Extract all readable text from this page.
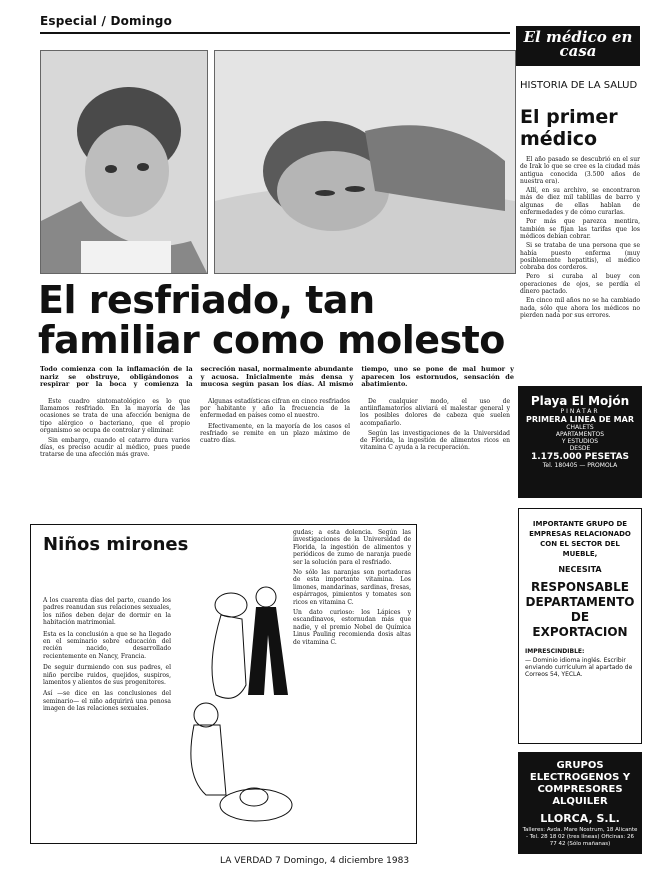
Especial / Domingo
El resfriado, tan familiar como molesto
Todo comienza con la inflamación de la nariz se obstruye, obligándonos a respirar por la boca y comienza la secreción nasal, normalmente abundante y acuosa. Inicialmente más densa y mucosa según pasan los días. Al mismo tiempo, uno se pone de mal humor y aparecen los estornudos, sensación de abatimiento.

Este cuadro sintomatológico es lo que llamamos resfriado. En la mayoría de las ocasiones se trata de una afección benigna de tipo alérgico o bacteriano, que el propio organismo se ocupa de controlar y eliminar.

Sin embargo, cuando el catarro dura varios días, es preciso acudir al médico, pues puede tratarse de una afección más grave.

Algunas estadísticas cifran en cinco resfriados por habitante y año la frecuencia de la enfermedad en países como el nuestro.

Efectivamente, en la mayoría de los casos el resfriado se remite en un plazo máximo de cuatro días.

De cualquier modo, el uso de antiinflamatorios aliviará el malestar general y los posibles dolores de cabeza que suelen acompañarlo.

Según las investigaciones de la Universidad de Florida, la ingestión de alimentos ricos en vitamina C ayuda a la recuperación.

Niños mirones

A los cuarenta días del parto, cuando los padres reanudan sus relaciones sexuales, los niños deben dejar de dormir en la habitación matrimonial.

Esta es la conclusión a que se ha llegado en el seminario sobre educación del recién nacido, desarrollado recientemente en Nancy, Francia.

De seguir durmiendo con sus padres, el niño percibe ruidos, quejidos, suspiros, lamentos y alientos de sus progenitores.

Así —se dice en las conclusiones del seminario— el niño adquirirá una penosa imagen de las relaciones sexuales.

gudas; a esta dolencia. Según las investigaciones de la Universidad de Florida, la ingestión de alimentos y periódicos de zumo de naranja puede ser la solución para el resfriado.

No sólo las naranjas son portadoras de esta importante vitamina. Los limones, mandarinas, sardinas, fresas, espárragos, pimientos y tomates son ricos en vitamina C.

Un dato curioso: los Lápices y escandinavos, estornudan más que nadie, y el premio Nobel de Química Linus Pauling recomienda dosis altas de vitamina C.

El médico en casa
HISTORIA DE LA SALUD
El primer médico

El año pasado se descubrió en el sur de Irak lo que se cree es la ciudad más antigua conocida (3.500 años de nuestra era).

Allí, en su archivo, se encontraron más de diez mil tablillas de barro y algunas de ellas hablan de enfermedades y de cómo curarlas.

Por más que parezca mentira, también se fijan las tarifas que los médicos debían cobrar.

Si se trataba de una persona que se había puesto enferma (muy posiblemente hepatitis), el médico cobraba dos corderos.

Pero si curaba al buey con operaciones de ojos, se perdía el dinero pactado.

En cinco mil años no se ha cambiado nada, sólo que ahora los médicos no pierden nada por sus errores.

Playa El Mojón
PINATAR
PRIMERA LINEA DE MAR
CHALETS
APARTAMENTOS
Y ESTUDIOS
DESDE
1.175.000 PESETAS
Tel. 180405 — PROMOLA
IMPORTANTE GRUPO DE EMPRESAS RELACIONADO CON EL SECTOR DEL MUEBLE,
NECESITA
RESPONSABLE DEPARTAMENTO DE EXPORTACION
IMPRESCINDIBLE:
— Dominio idioma inglés. Escribir enviando currículum al apartado de Correos 54, YECLA.
GRUPOS ELECTROGENOS Y COMPRESORES ALQUILER
LLORCA, S.L.
Talleres: Avda. Mare Nostrum, 18 Alicante - Tel. 28 18 02 (tres líneas) Oficinas: 26 77 42 (Sólo mañanas)
LA VERDAD 7 Domingo, 4 diciembre 1983
